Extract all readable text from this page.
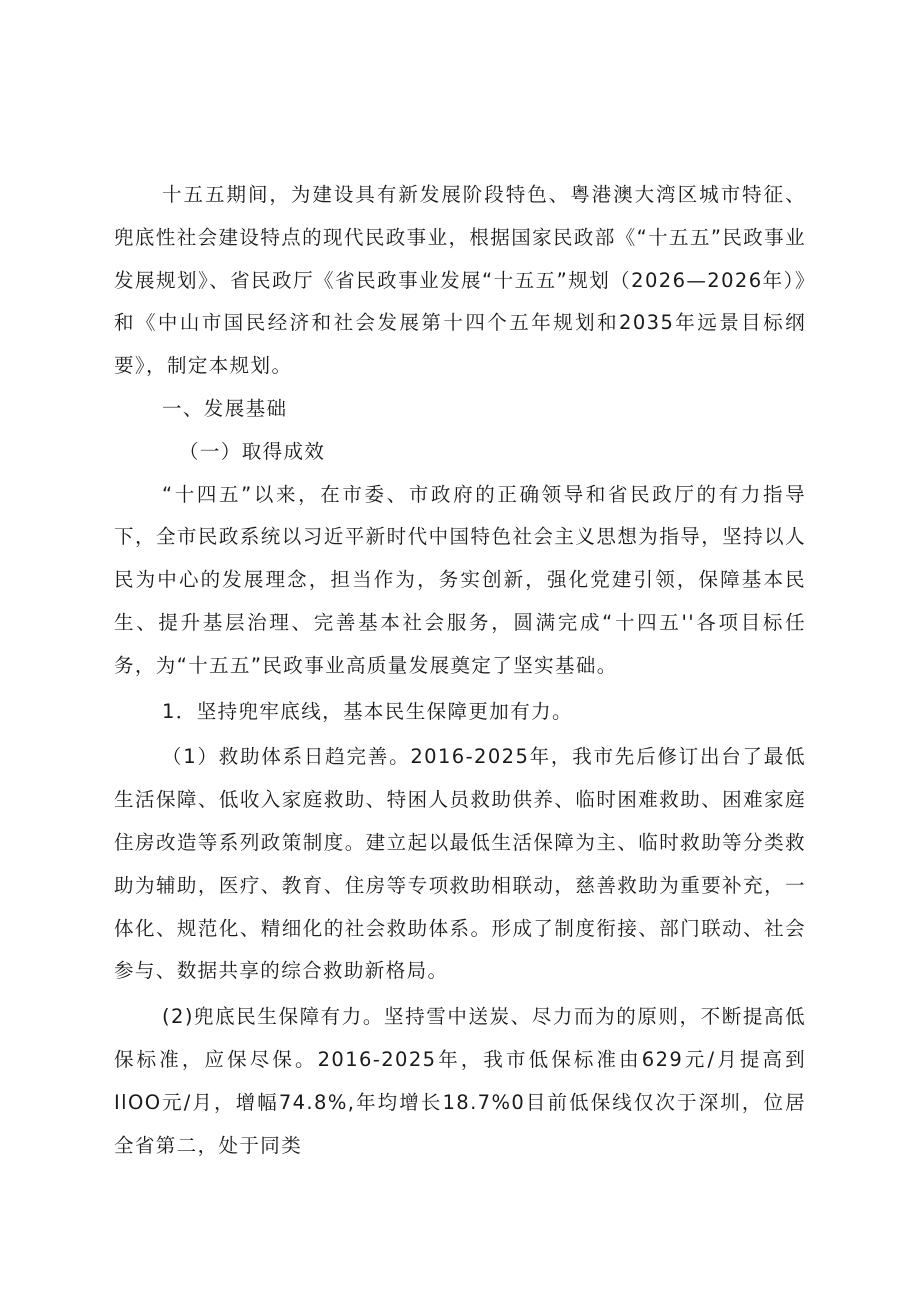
十五五期间，为建设具有新发展阶段特色、粤港澳大湾区城市特征、兜底性社会建设特点的现代民政事业，根据国家民政部《“十五五”民政事业发展规划》、省民政厅《省民政事业发展“十五五”规划（2026—2026年）》和《中山市国民经济和社会发展第十四个五年规划和2035年远景目标纲要》，制定本规划。

一、发展基础

（一）取得成效

“十四五”以来，在市委、市政府的正确领导和省民政厅的有力指导下，全市民政系统以习近平新时代中国特色社会主义思想为指导，坚持以人民为中心的发展理念，担当作为，务实创新，强化党建引领，保障基本民生、提升基层治理、完善基本社会服务，圆满完成“十四五''各项目标任务，为“十五五”民政事业高质量发展奠定了坚实基础。

1．坚持兜牢底线，基本民生保障更加有力。

（1）救助体系日趋完善。2016-2025年，我市先后修订出台了最低生活保障、低收入家庭救助、特困人员救助供养、临时困难救助、困难家庭住房改造等系列政策制度。建立起以最低生活保障为主、临时救助等分类救助为辅助，医疗、教育、住房等专项救助相联动，慈善救助为重要补充，一体化、规范化、精细化的社会救助体系。形成了制度衔接、部门联动、社会参与、数据共享的综合救助新格局。

(2)兜底民生保障有力。坚持雪中送炭、尽力而为的原则，不断提高低保标准，应保尽保。2016-2025年，我市低保标准由629元/月提高到IlOO元/月，增幅74.8%,年均增长18.7%0目前低保线仅次于深圳，位居全省第二，处于同类
